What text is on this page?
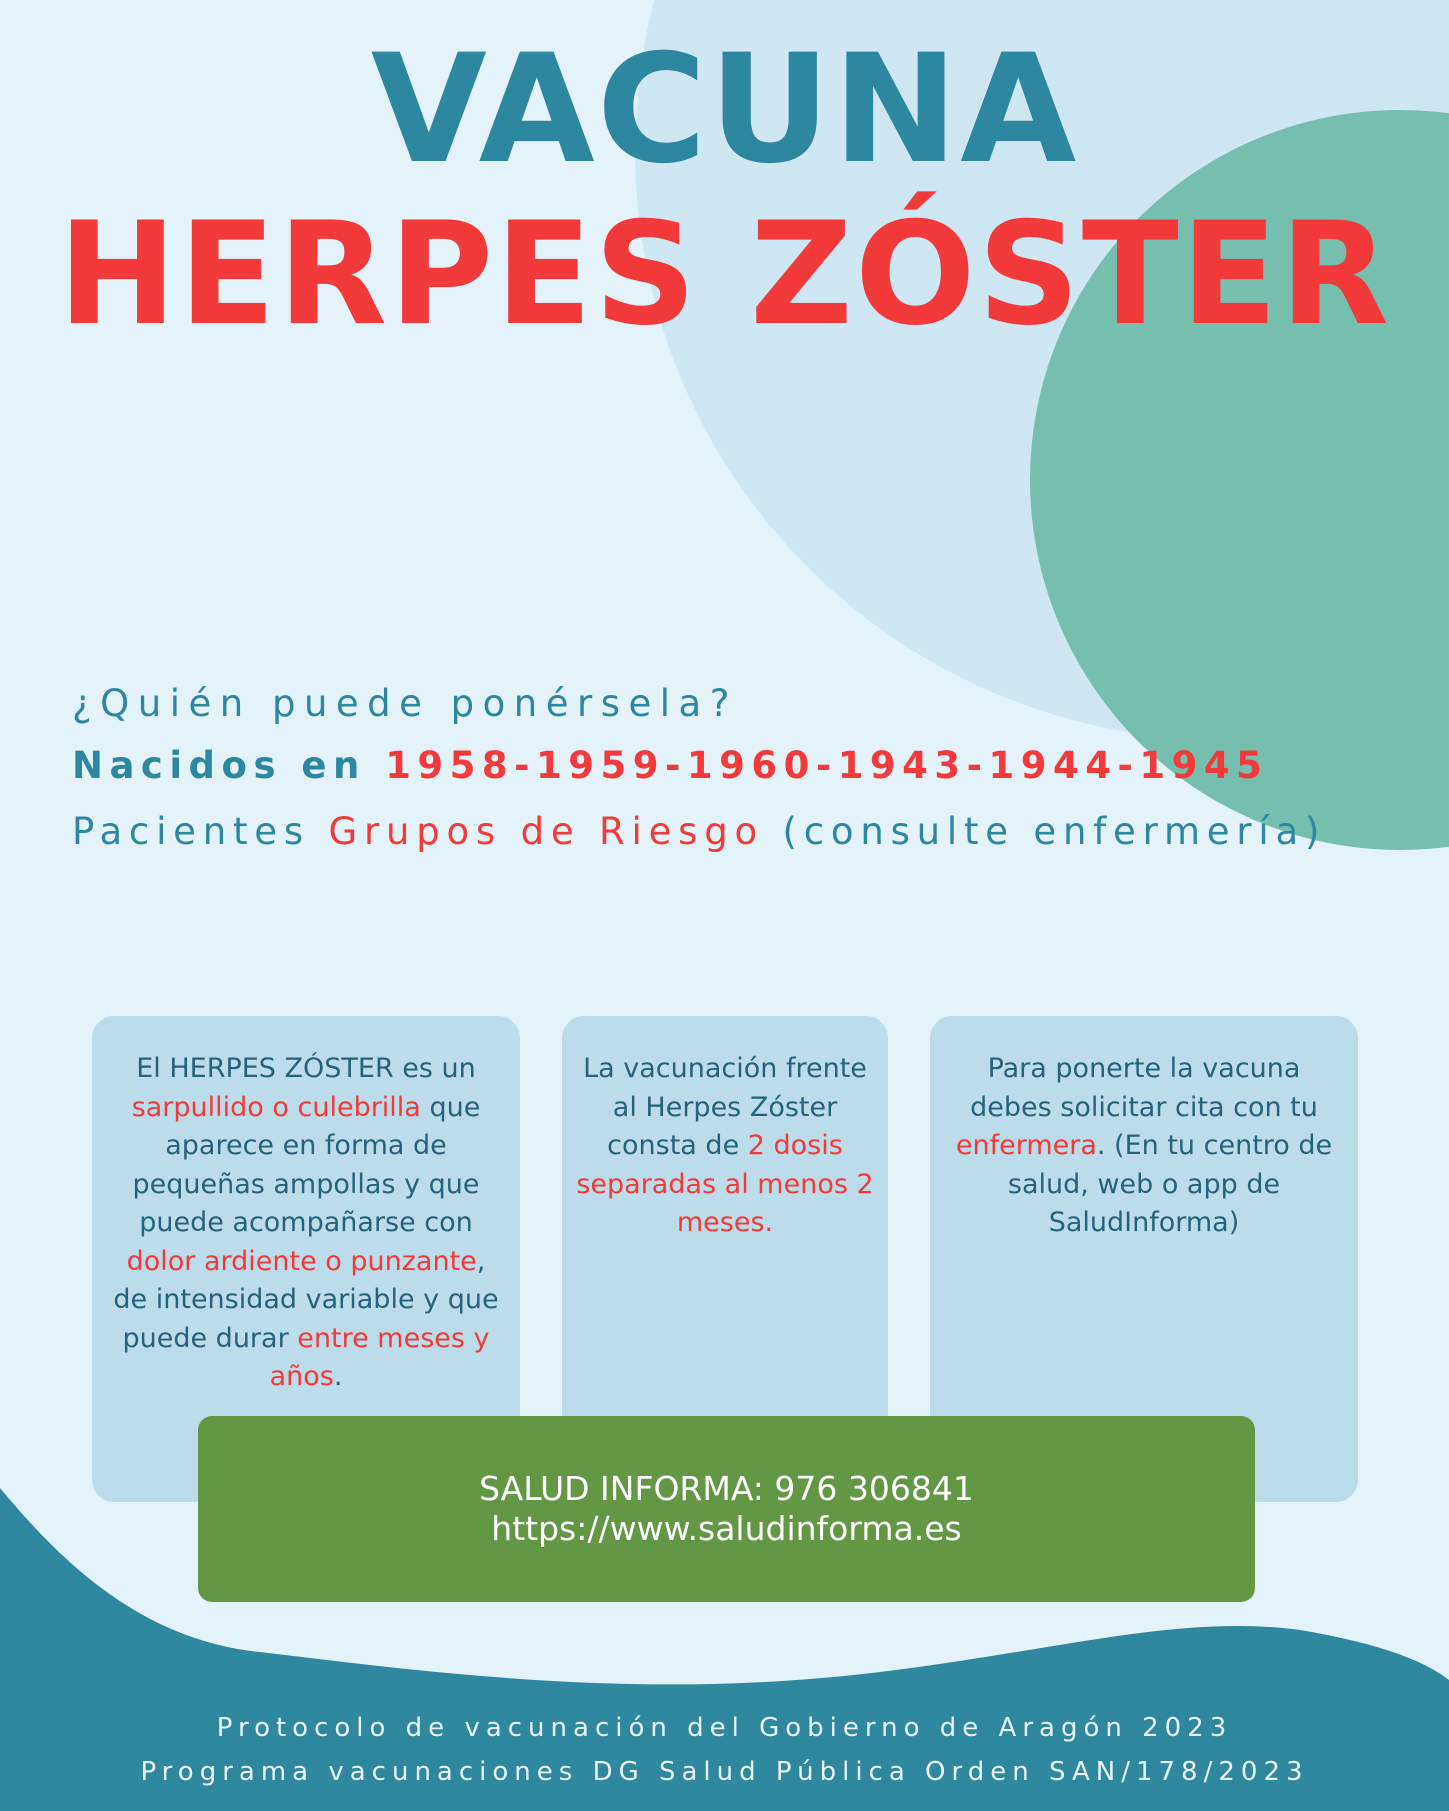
VACUNA
HERPES ZÓSTER

¿Quién puede ponérsela?

Nacidos en 1958-1959-1960-1943-1944-1945

Pacientes Grupos de Riesgo (consulte enfermería)

El HERPES ZÓSTER es un sarpullido o culebrilla que aparece en forma de pequeñas ampollas y que puede acompañarse con dolor ardiente o punzante, de intensidad variable y que puede durar entre meses y años.

La vacunación frente al Herpes Zóster consta de 2 dosis separadas al menos 2 meses.

Para ponerte la vacuna debes solicitar cita con tu enfermera. (En tu centro de salud, web o app de SaludInforma)

SALUD INFORMA: 976 306841
https://www.saludinforma.es

Protocolo de vacunación del Gobierno de Aragón 2023

Programa vacunaciones DG Salud Pública Orden SAN/178/2023
